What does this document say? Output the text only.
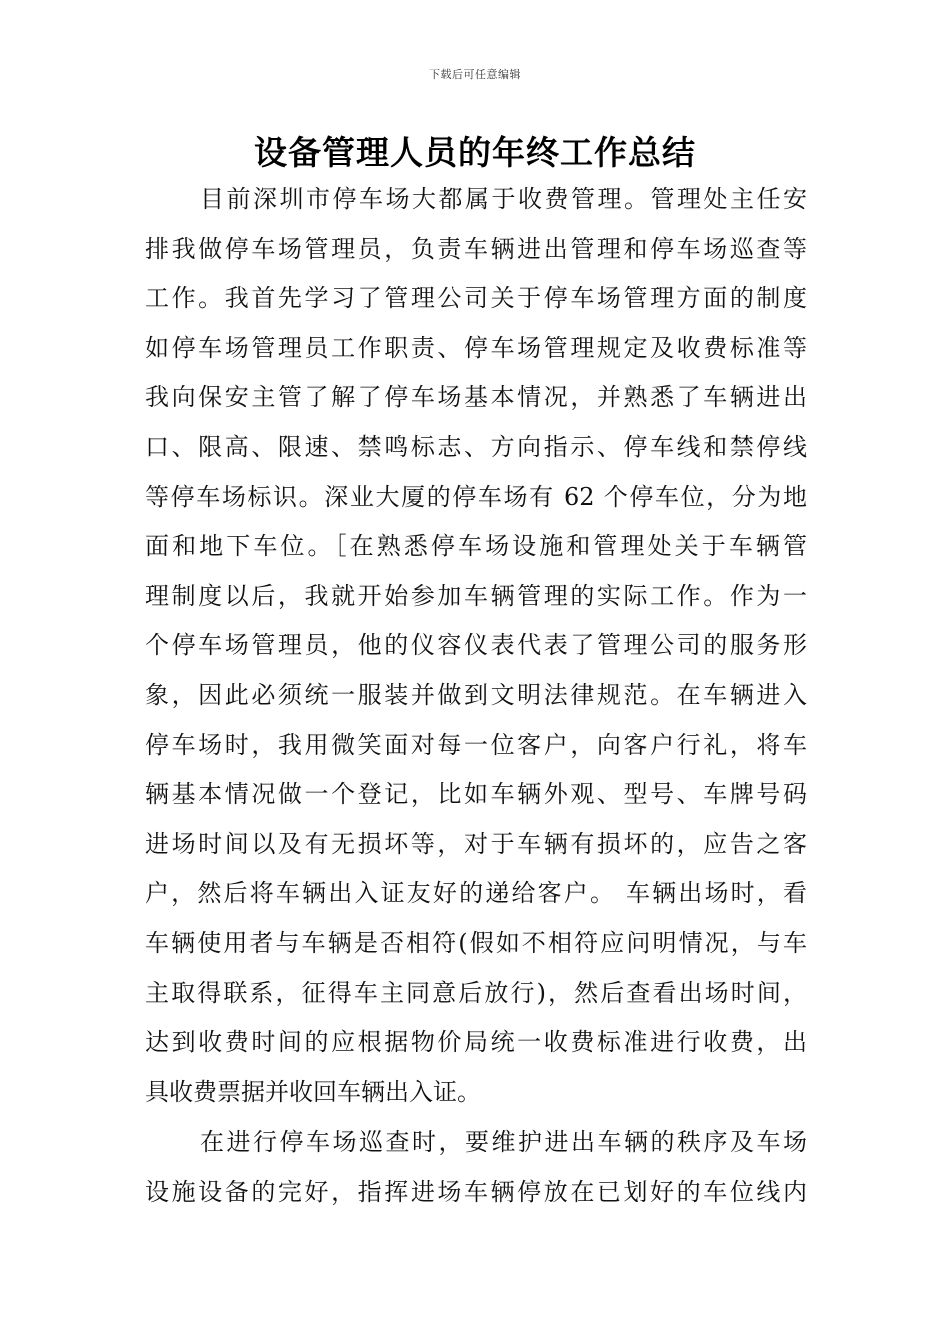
下载后可任意编辑
设备管理人员的年终工作总结
目前深圳市停车场大都属于收费管理。管理处主任安
排我做停车场管理员，负责车辆进出管理和停车场巡查等
工作。我首先学习了管理公司关于停车场管理方面的制度
如停车场管理员工作职责、停车场管理规定及收费标准等
我向保安主管了解了停车场基本情况，并熟悉了车辆进出
口、限高、限速、禁鸣标志、方向指示、停车线和禁停线
等停车场标识。深业大厦的停车场有 62 个停车位，分为地
面和地下车位。［在熟悉停车场设施和管理处关于车辆管
理制度以后，我就开始参加车辆管理的实际工作。作为一
个停车场管理员，他的仪容仪表代表了管理公司的服务形
象，因此必须统一服装并做到文明法律规范。在车辆进入
停车场时，我用微笑面对每一位客户，向客户行礼，将车
辆基本情况做一个登记，比如车辆外观、型号、车牌号码
进场时间以及有无损坏等，对于车辆有损坏的，应告之客
户，然后将车辆出入证友好的递给客户。 车辆出场时，看
车辆使用者与车辆是否相符(假如不相符应问明情况，与车
主取得联系，征得车主同意后放行)，然后查看出场时间，
达到收费时间的应根据物价局统一收费标准进行收费，出
具收费票据并收回车辆出入证。
在进行停车场巡查时，要维护进出车辆的秩序及车场
设施设备的完好，指挥进场车辆停放在已划好的车位线内
